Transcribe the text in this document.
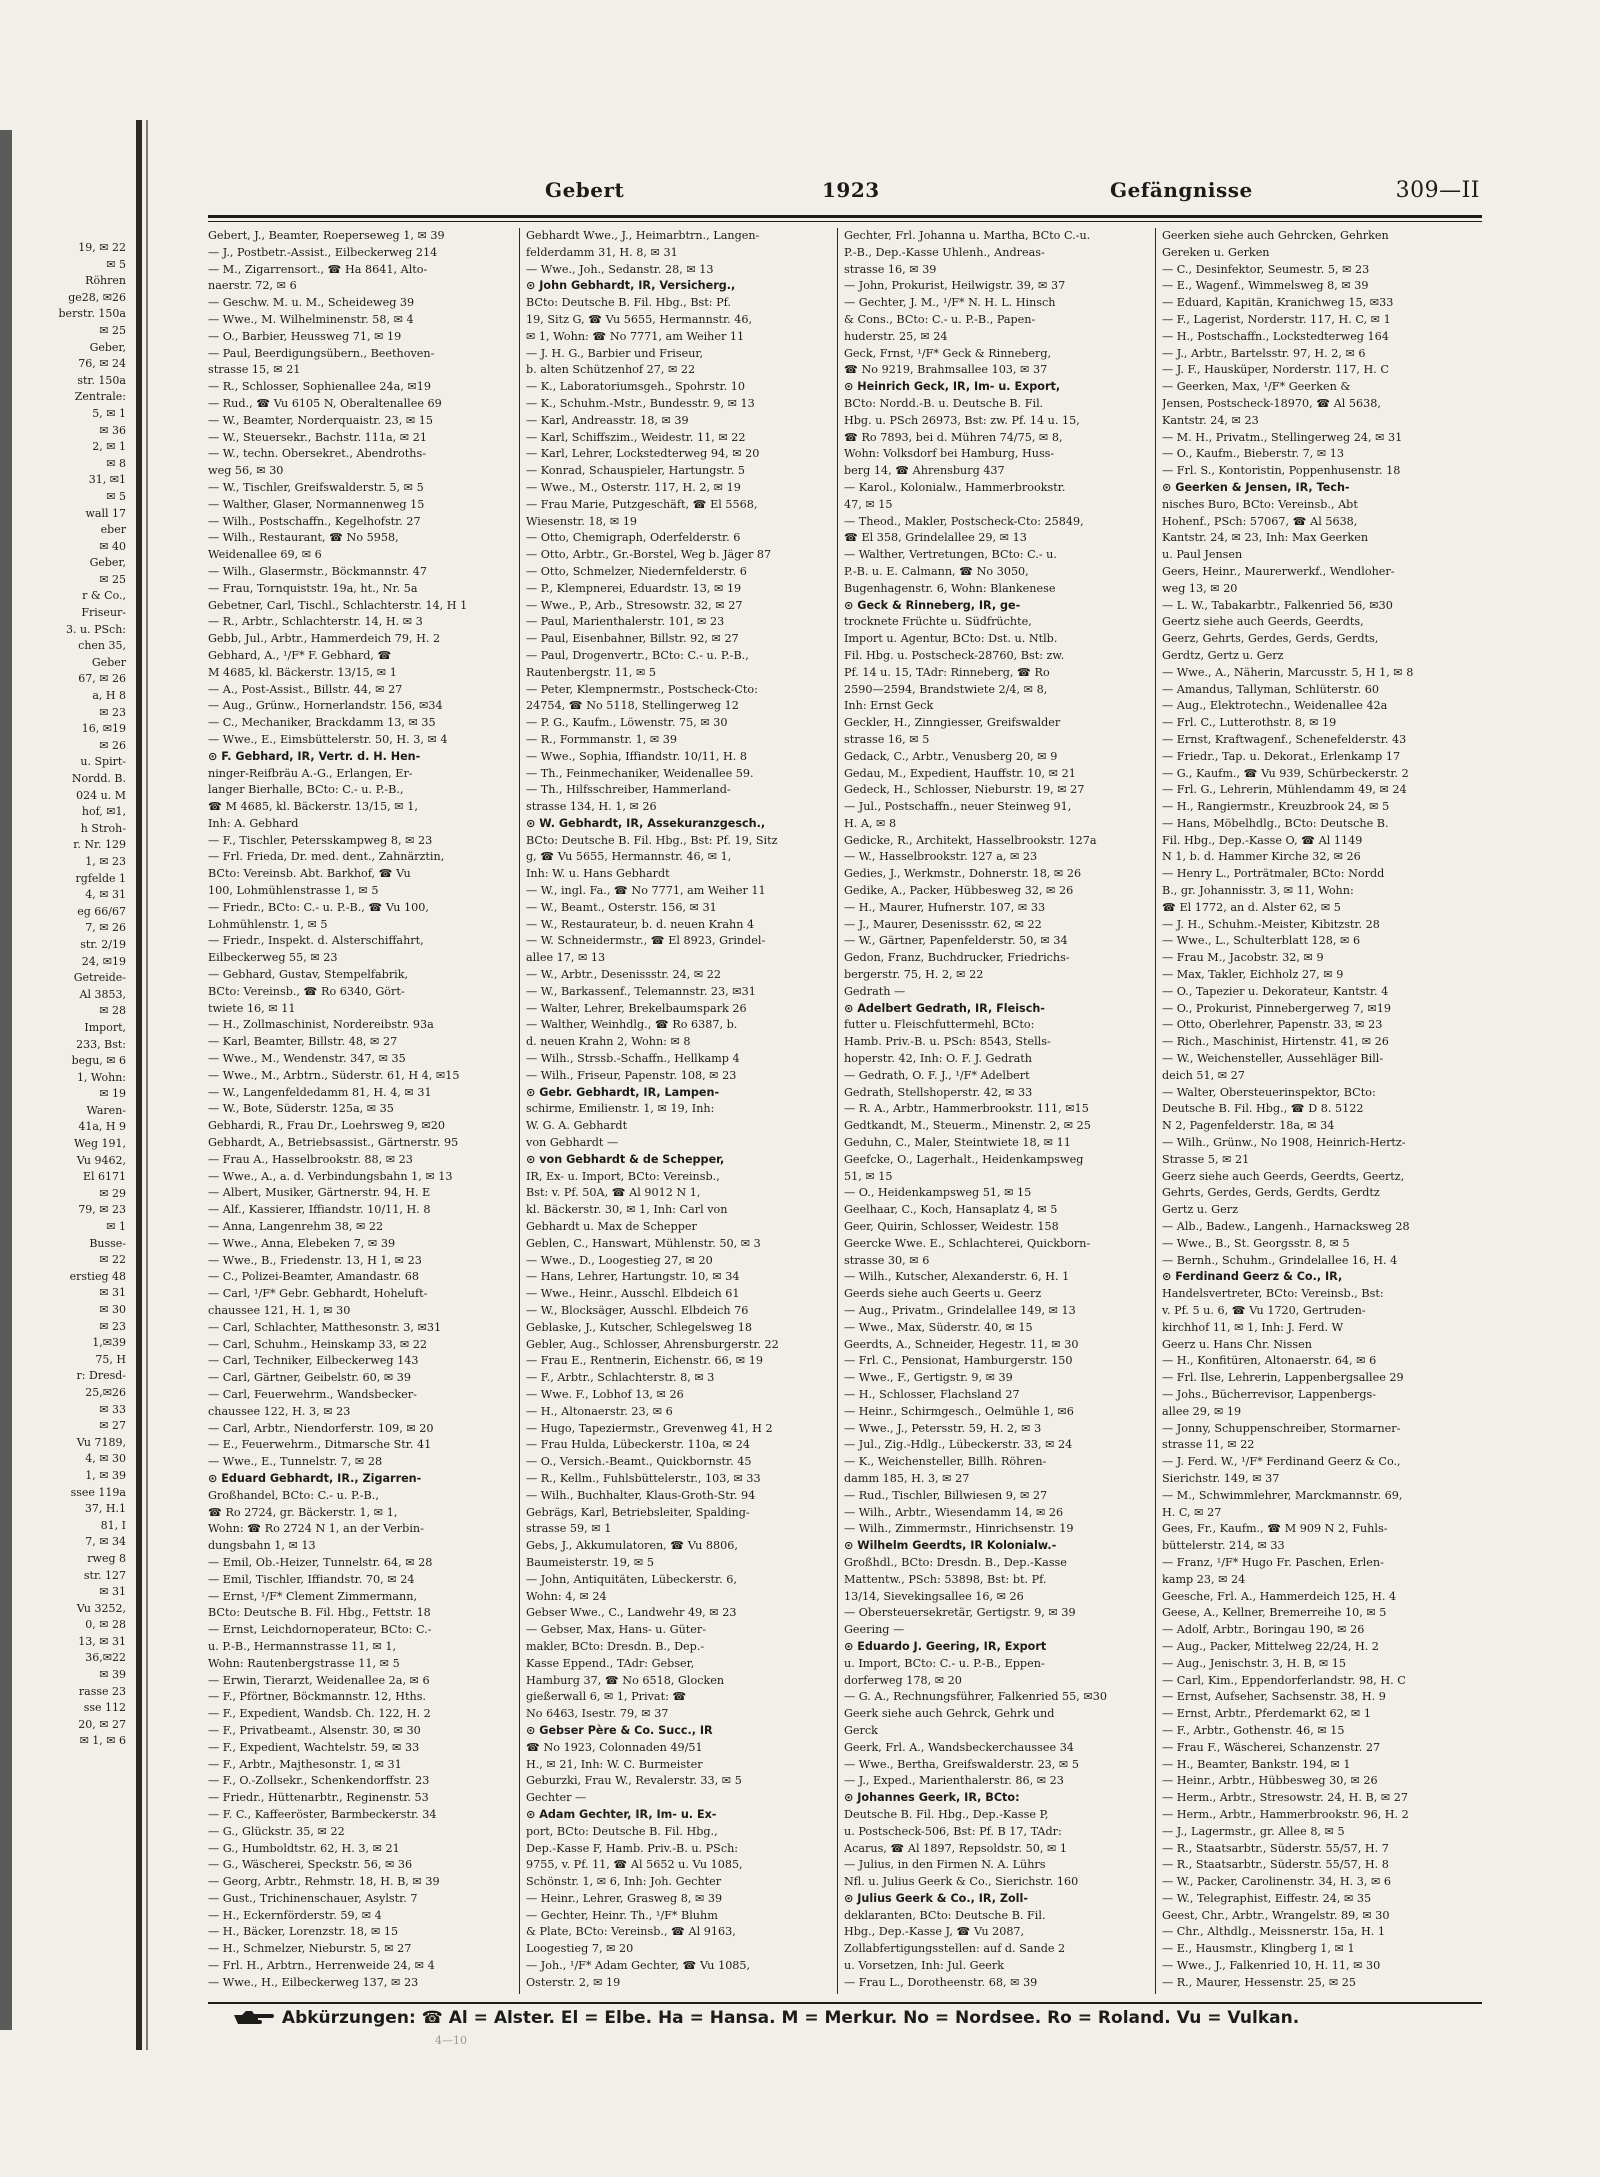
19, ✉ 22
✉ 5
Röhren
ge28, ✉26
berstr. 150a
✉ 25
Geber,
76, ✉ 24
str. 150a
Zentrale:
5, ✉ 1
✉ 36
2, ✉ 1
✉ 8
31, ✉1
✉ 5
wall 17
eber
✉ 40
Geber,
✉ 25
r & Co.,
Friseur-
3. u. PSch:
chen 35,
Geber
67, ✉ 26
a, H 8
✉ 23
16, ✉19
✉ 26
u. Spirt-
Nordd. B.
024 u. M
hof, ✉1,
h Stroh-
r. Nr. 129
1, ✉ 23
rgfelde 1
4, ✉ 31
eg 66/67
7, ✉ 26
str. 2/19
24, ✉19
Getreide-
Al 3853,
✉ 28
Import,
233, Bst:
begu, ✉ 6
1, Wohn:
✉ 19
Waren-
41a, H 9
Weg 191,
Vu 9462,
El 6171
✉ 29
79, ✉ 23
✉ 1
Busse-
✉ 22
erstieg 48
✉ 31
✉ 30
✉ 23
1,✉39
75, H
r: Dresd-
25,✉26
✉ 33
✉ 27
Vu 7189,
4, ✉ 30
1, ✉ 39
ssee 119a
37, H.1
81, I
7, ✉ 34
rweg 8
str. 127
✉ 31
Vu 3252,
0, ✉ 28
13, ✉ 31
36,✉22
✉ 39
rasse 23
sse 112
20, ✉ 27
✉ 1, ✉ 6
Gebert	1923	Gefängnisse	309—II
Gebert, J., Beamter, Roeperseweg 1, ✉ 39
— J., Postbetr.-Assist., Eilbeckerweg 214
— M., Zigarrensort., ☎ Ha 8641, Alto-
naerstr. 72, ✉ 6
— Geschw. M. u. M., Scheideweg 39
— Wwe., M. Wilhelminenstr. 58, ✉ 4
— O., Barbier, Heussweg 71, ✉ 19
— Paul, Beerdigungsübern., Beethoven-
strasse 15, ✉ 21
— R., Schlosser, Sophienallee 24a, ✉19
— Rud., ☎ Vu 6105 N, Oberaltenallee 69
— W., Beamter, Norderquaistr. 23, ✉ 15
— W., Steuersekr., Bachstr. 111a, ✉ 21
— W., techn. Obersekret., Abendroths-
weg 56, ✉ 30
— W., Tischler, Greifswalderstr. 5, ✉ 5
— Walther, Glaser, Normannenweg 15
— Wilh., Postschaffn., Kegelhofstr. 27
— Wilh., Restaurant, ☎ No 5958,
Weidenallee 69, ✉ 6
— Wilh., Glasermstr., Böckmannstr. 47
— Frau, Tornquiststr. 19a, ht., Nr. 5a
Gebetner, Carl, Tischl., Schlachterstr. 14, H 1
— R., Arbtr., Schlachterstr. 14, H. ✉ 3
Gebb, Jul., Arbtr., Hammerdeich 79, H. 2
Gebhard, A., ¹/F* F. Gebhard, ☎
M 4685, kl. Bäckerstr. 13/15, ✉ 1
— A., Post-Assist., Billstr. 44, ✉ 27
— Aug., Grünw., Hornerlandstr. 156, ✉34
— C., Mechaniker, Brackdamm 13, ✉ 35
— Wwe., E., Eimsbüttelerstr. 50, H. 3, ✉ 4
⊙ F. Gebhard, IR, Vertr. d. H. Hen-
ninger-Reifbräu A.-G., Erlangen, Er-
langer Bierhalle, BCto: C.- u. P.-B.,
☎ M 4685, kl. Bäckerstr. 13/15, ✉ 1,
Inh: A. Gebhard
— F., Tischler, Petersskampweg 8, ✉ 23
— Frl. Frieda, Dr. med. dent., Zahnärztin,
BCto: Vereinsb. Abt. Barkhof, ☎ Vu
100, Lohmühlenstrasse 1, ✉ 5
— Friedr., BCto: C.- u. P.-B., ☎ Vu 100,
Lohmühlenstr. 1, ✉ 5
— Friedr., Inspekt. d. Alsterschiffahrt,
Eilbeckerweg 55, ✉ 23
— Gebhard, Gustav, Stempelfabrik,
BCto: Vereinsb., ☎ Ro 6340, Gört-
twiete 16, ✉ 11
— H., Zollmaschinist, Nordereibstr. 93a
— Karl, Beamter, Billstr. 48, ✉ 27
— Wwe., M., Wendenstr. 347, ✉ 35
— Wwe., M., Arbtrn., Süderstr. 61, H 4, ✉15
— W., Langenfeldedamm 81, H. 4, ✉ 31
— W., Bote, Süderstr. 125a, ✉ 35
Gebhardi, R., Frau Dr., Loehrsweg 9, ✉20
Gebhardt, A., Betriebsassist., Gärtnerstr. 95
— Frau A., Hasselbrookstr. 88, ✉ 23
— Wwe., A., a. d. Verbindungsbahn 1, ✉ 13
— Albert, Musiker, Gärtnerstr. 94, H. E
— Alf., Kassierer, Iffiandstr. 10/11, H. 8
— Anna, Langenrehm 38, ✉ 22
— Wwe., Anna, Elebeken 7, ✉ 39
— Wwe., B., Friedenstr. 13, H 1, ✉ 23
— C., Polizei-Beamter, Amandastr. 68
— Carl, ¹/F* Gebr. Gebhardt, Hoheluft-
chaussee 121, H. 1, ✉ 30
— Carl, Schlachter, Matthesonstr. 3, ✉31
— Carl, Schuhm., Heinskamp 33, ✉ 22
— Carl, Techniker, Eilbeckerweg 143
— Carl, Gärtner, Geibelstr. 60, ✉ 39
— Carl, Feuerwehrm., Wandsbecker-
chaussee 122, H. 3, ✉ 23
— Carl, Arbtr., Niendorferstr. 109, ✉ 20
— E., Feuerwehrm., Ditmarsche Str. 41
— Wwe., E., Tunnelstr. 7, ✉ 28
⊙ Eduard Gebhardt, IR., Zigarren-
Großhandel, BCto: C.- u. P.-B.,
☎ Ro 2724, gr. Bäckerstr. 1, ✉ 1,
Wohn: ☎ Ro 2724 N 1, an der Verbin-
dungsbahn 1, ✉ 13
— Emil, Ob.-Heizer, Tunnelstr. 64, ✉ 28
— Emil, Tischler, Iffiandstr. 70, ✉ 24
— Ernst, ¹/F* Clement Zimmermann,
BCto: Deutsche B. Fil. Hbg., Fettstr. 18
— Ernst, Leichdornoperateur, BCto: C.-
u. P.-B., Hermannstrasse 11, ✉ 1,
Wohn: Rautenbergstrasse 11, ✉ 5
— Erwin, Tierarzt, Weidenallee 2a, ✉ 6
— F., Pförtner, Böckmannstr. 12, Hths.
— F., Expedient, Wandsb. Ch. 122, H. 2
— F., Privatbeamt., Alsenstr. 30, ✉ 30
— F., Expedient, Wachtelstr. 59, ✉ 33
— F., Arbtr., Majthesonstr. 1, ✉ 31
— F., O.-Zollsekr., Schenkendorffstr. 23
— Friedr., Hüttenarbtr., Reginenstr. 53
— F. C., Kaffeeröster, Barmbeckerstr. 34
— G., Glückstr. 35, ✉ 22
— G., Humboldtstr. 62, H. 3, ✉ 21
— G., Wäscherei, Speckstr. 56, ✉ 36
— Georg, Arbtr., Rehmstr. 18, H. B, ✉ 39
— Gust., Trichinenschauer, Asylstr. 7
— H., Eckernförderstr. 59, ✉ 4
— H., Bäcker, Lorenzstr. 18, ✉ 15
— H., Schmelzer, Nieburstr. 5, ✉ 27
— Frl. H., Arbtrn., Herrenweide 24, ✉ 4
— Wwe., H., Eilbeckerweg 137, ✉ 23
Gebhardt Wwe., J., Heimarbtrn., Langen-
felderdamm 31, H. 8, ✉ 31
— Wwe., Joh., Sedanstr. 28, ✉ 13
⊙ John Gebhardt, IR, Versicherg.,
BCto: Deutsche B. Fil. Hbg., Bst: Pf.
19, Sitz G, ☎ Vu 5655, Hermannstr. 46,
✉ 1, Wohn: ☎ No 7771, am Weiher 11
— J. H. G., Barbier und Friseur,
b. alten Schützenhof 27, ✉ 22
— K., Laboratoriumsgeh., Spohrstr. 10
— K., Schuhm.-Mstr., Bundesstr. 9, ✉ 13
— Karl, Andreasstr. 18, ✉ 39
— Karl, Schiffszim., Weidestr. 11, ✉ 22
— Karl, Lehrer, Lockstedterweg 94, ✉ 20
— Konrad, Schauspieler, Hartungstr. 5
— Wwe., M., Osterstr. 117, H. 2, ✉ 19
— Frau Marie, Putzgeschäft, ☎ El 5568,
Wiesenstr. 18, ✉ 19
— Otto, Chemigraph, Oderfelderstr. 6
— Otto, Arbtr., Gr.-Borstel, Weg b. Jäger 87
— Otto, Schmelzer, Niedernfelderstr. 6
— P., Klempnerei, Eduardstr. 13, ✉ 19
— Wwe., P., Arb., Stresowstr. 32, ✉ 27
— Paul, Marienthalerstr. 101, ✉ 23
— Paul, Eisenbahner, Billstr. 92, ✉ 27
— Paul, Drogenvertr., BCto: C.- u. P.-B.,
Rautenbergstr. 11, ✉ 5
— Peter, Klempnermstr., Postscheck-Cto:
24754, ☎ No 5118, Stellingerweg 12
— P. G., Kaufm., Löwenstr. 75, ✉ 30
— R., Formmanstr. 1, ✉ 39
— Wwe., Sophia, Iffiandstr. 10/11, H. 8
— Th., Feinmechaniker, Weidenallee 59.
— Th., Hilfsschreiber, Hammerland-
strasse 134, H. 1, ✉ 26
⊙ W. Gebhardt, IR, Assekuranzgesch.,
BCto: Deutsche B. Fil. Hbg., Bst: Pf. 19, Sitz
g, ☎ Vu 5655, Hermannstr. 46, ✉ 1,
Inh: W. u. Hans Gebhardt
— W., ingl. Fa., ☎ No 7771, am Weiher 11
— W., Beamt., Osterstr. 156, ✉ 31
— W., Restaurateur, b. d. neuen Krahn 4
— W. Schneidermstr., ☎ El 8923, Grindel-
allee 17, ✉ 13
— W., Arbtr., Desenissstr. 24, ✉ 22
— W., Barkassenf., Telemannstr. 23, ✉31
— Walter, Lehrer, Brekelbaumspark 26
— Walther, Weinhdlg., ☎ Ro 6387, b.
d. neuen Krahn 2, Wohn: ✉ 8
— Wilh., Strssb.-Schaffn., Hellkamp 4
— Wilh., Friseur, Papenstr. 108, ✉ 23
⊙ Gebr. Gebhardt, IR, Lampen-
schirme, Emilienstr. 1, ✉ 19, Inh:
W. G. A. Gebhardt
von Gebhardt —
⊙ von Gebhardt & de Schepper,
IR, Ex- u. Import, BCto: Vereinsb.,
Bst: v. Pf. 50A, ☎ Al 9012 N 1,
kl. Bäckerstr. 30, ✉ 1, Inh: Carl von
Gebhardt u. Max de Schepper
Geblen, C., Hanswart, Mühlenstr. 50, ✉ 3
— Wwe., D., Loogestieg 27, ✉ 20
— Hans, Lehrer, Hartungstr. 10, ✉ 34
— Wwe., Heinr., Ausschl. Elbdeich 61
— W., Blocksäger, Ausschl. Elbdeich 76
Geblaske, J., Kutscher, Schlegelsweg 18
Gebler, Aug., Schlosser, Ahrensburgerstr. 22
— Frau E., Rentnerin, Eichenstr. 66, ✉ 19
— F., Arbtr., Schlachterstr. 8, ✉ 3
— Wwe. F., Lobhof 13, ✉ 26
— H., Altonaerstr. 23, ✉ 6
— Hugo, Tapeziermstr., Grevenweg 41, H 2
— Frau Hulda, Lübeckerstr. 110a, ✉ 24
— O., Versich.-Beamt., Quickbornstr. 45
— R., Kellm., Fuhlsbüttelerstr., 103, ✉ 33
— Wilh., Buchhalter, Klaus-Groth-Str. 94
Gebrägs, Karl, Betriebsleiter, Spalding-
strasse 59, ✉ 1
Gebs, J., Akkumulatoren, ☎ Vu 8806,
Baumeisterstr. 19, ✉ 5
— John, Antiquitäten, Lübeckerstr. 6,
Wohn: 4, ✉ 24
Gebser Wwe., C., Landwehr 49, ✉ 23
— Gebser, Max, Hans- u. Güter-
makler, BCto: Dresdn. B., Dep.-
Kasse Eppend., TAdr: Gebser,
Hamburg 37, ☎ No 6518, Glocken
gießerwall 6, ✉ 1, Privat: ☎
No 6463, Isestr. 79, ✉ 37
⊙ Gebser Père & Co. Succ., IR
☎ No 1923, Colonnaden 49/51
H., ✉ 21, Inh: W. C. Burmeister
Geburzki, Frau W., Revalerstr. 33, ✉ 5
Gechter —
⊙ Adam Gechter, IR, Im- u. Ex-
port, BCto: Deutsche B. Fil. Hbg.,
Dep.-Kasse F, Hamb. Priv.-B. u. PSch:
9755, v. Pf. 11, ☎ Al 5652 u. Vu 1085,
Schönstr. 1, ✉ 6, Inh: Joh. Gechter
— Heinr., Lehrer, Grasweg 8, ✉ 39
— Gechter, Heinr. Th., ¹/F* Bluhm
& Plate, BCto: Vereinsb., ☎ Al 9163,
Loogestieg 7, ✉ 20
— Joh., ¹/F* Adam Gechter, ☎ Vu 1085,
Osterstr. 2, ✉ 19
Gechter, Frl. Johanna u. Martha, BCto C.-u.
P.-B., Dep.-Kasse Uhlenh., Andreas-
strasse 16, ✉ 39
— John, Prokurist, Heilwigstr. 39, ✉ 37
— Gechter, J. M., ¹/F* N. H. L. Hinsch
& Cons., BCto: C.- u. P.-B., Papen-
huderstr. 25, ✉ 24
Geck, Frnst, ¹/F* Geck & Rinneberg,
☎ No 9219, Brahmsallee 103, ✉ 37
⊙ Heinrich Geck, IR, Im- u. Export,
BCto: Nordd.-B. u. Deutsche B. Fil.
Hbg. u. PSch 26973, Bst: zw. Pf. 14 u. 15,
☎ Ro 7893, bei d. Mühren 74/75, ✉ 8,
Wohn: Volksdorf bei Hamburg, Huss-
berg 14, ☎ Ahrensburg 437
— Karol., Kolonialw., Hammerbrookstr.
47, ✉ 15
— Theod., Makler, Postscheck-Cto: 25849,
☎ El 358, Grindelallee 29, ✉ 13
— Walther, Vertretungen, BCto: C.- u.
P.-B. u. E. Calmann, ☎ No 3050,
Bugenhagenstr. 6, Wohn: Blankenese
⊙ Geck & Rinneberg, IR, ge-
trocknete Früchte u. Südfrüchte,
Import u. Agentur, BCto: Dst. u. Ntlb.
Fil. Hbg. u. Postscheck-28760, Bst: zw.
Pf. 14 u. 15, TAdr: Rinneberg, ☎ Ro
2590—2594, Brandstwiete 2/4, ✉ 8,
Inh: Ernst Geck
Geckler, H., Zinngiesser, Greifswalder
strasse 16, ✉ 5
Gedack, C., Arbtr., Venusberg 20, ✉ 9
Gedau, M., Expedient, Hauffstr. 10, ✉ 21
Gedeck, H., Schlosser, Nieburstr. 19, ✉ 27
— Jul., Postschaffn., neuer Steinweg 91,
H. A, ✉ 8
Gedicke, R., Architekt, Hasselbrookstr. 127a
— W., Hasselbrookstr. 127 a, ✉ 23
Gedies, J., Werkmstr., Dohnerstr. 18, ✉ 26
Gedike, A., Packer, Hübbesweg 32, ✉ 26
— H., Maurer, Hufnerstr. 107, ✉ 33
— J., Maurer, Desenissstr. 62, ✉ 22
— W., Gärtner, Papenfelderstr. 50, ✉ 34
Gedon, Franz, Buchdrucker, Friedrichs-
bergerstr. 75, H. 2, ✉ 22
Gedrath —
⊙ Adelbert Gedrath, IR, Fleisch-
futter u. Fleischfuttermehl, BCto:
Hamb. Priv.-B. u. PSch: 8543, Stells-
hoperstr. 42, Inh: O. F. J. Gedrath
— Gedrath, O. F. J., ¹/F* Adelbert
Gedrath, Stellshoperstr. 42, ✉ 33
— R. A., Arbtr., Hammerbrookstr. 111, ✉15
Gedtkandt, M., Steuerm., Minenstr. 2, ✉ 25
Geduhn, C., Maler, Steintwiete 18, ✉ 11
Geefcke, O., Lagerhalt., Heidenkampsweg
51, ✉ 15
— O., Heidenkampsweg 51, ✉ 15
Geelhaar, C., Koch, Hansaplatz 4, ✉ 5
Geer, Quirin, Schlosser, Weidestr. 158
Geercke Wwe. E., Schlachterei, Quickborn-
strasse 30, ✉ 6
— Wilh., Kutscher, Alexanderstr. 6, H. 1
Geerds siehe auch Geerts u. Geerz
— Aug., Privatm., Grindelallee 149, ✉ 13
— Wwe., Max, Süderstr. 40, ✉ 15
Geerdts, A., Schneider, Hegestr. 11, ✉ 30
— Frl. C., Pensionat, Hamburgerstr. 150
— Wwe., F., Gertigstr. 9, ✉ 39
— H., Schlosser, Flachsland 27
— Heinr., Schirmgesch., Oelmühle 1, ✉6
— Wwe., J., Petersstr. 59, H. 2, ✉ 3
— Jul., Zig.-Hdlg., Lübeckerstr. 33, ✉ 24
— K., Weichensteller, Billh. Röhren-
damm 185, H. 3, ✉ 27
— Rud., Tischler, Billwiesen 9, ✉ 27
— Wilh., Arbtr., Wiesendamm 14, ✉ 26
— Wilh., Zimmermstr., Hinrichsenstr. 19
⊙ Wilhelm Geerdts, IR Kolonialw.-
Großhdl., BCto: Dresdn. B., Dep.-Kasse
Mattentw., PSch: 53898, Bst: bt. Pf.
13/14, Sievekingsallee 16, ✉ 26
— Obersteuersekretär, Gertigstr. 9, ✉ 39
Geering —
⊙ Eduardo J. Geering, IR, Export
u. Import, BCto: C.- u. P.-B., Eppen-
dorferweg 178, ✉ 20
— G. A., Rechnungsführer, Falkenried 55, ✉30
Geerk siehe auch Gehrck, Gehrk und
Gerck
Geerk, Frl. A., Wandsbeckerchaussee 34
— Wwe., Bertha, Greifswalderstr. 23, ✉ 5
— J., Exped., Marienthalerstr. 86, ✉ 23
⊙ Johannes Geerk, IR, BCto:
Deutsche B. Fil. Hbg., Dep.-Kasse P,
u. Postscheck-506, Bst: Pf. B 17, TAdr:
Acarus, ☎ Al 1897, Repsoldstr. 50, ✉ 1
— Julius, in den Firmen N. A. Lührs
Nfl. u. Julius Geerk & Co., Sierichstr. 160
⊙ Julius Geerk & Co., IR, Zoll-
deklaranten, BCto: Deutsche B. Fil.
Hbg., Dep.-Kasse J, ☎ Vu 2087,
Zollabfertigungsstellen: auf d. Sande 2
u. Vorsetzen, Inh: Jul. Geerk
— Frau L., Dorotheenstr. 68, ✉ 39
Geerken siehe auch Gehrcken, Gehrken
Gereken u. Gerken
— C., Desinfektor, Seumestr. 5, ✉ 23
— E., Wagenf., Wimmelsweg 8, ✉ 39
— Eduard, Kapitän, Kranichweg 15, ✉33
— F., Lagerist, Norderstr. 117, H. C, ✉ 1
— H., Postschaffn., Lockstedterweg 164
— J., Arbtr., Bartelsstr. 97, H. 2, ✉ 6
— J. F., Hausküper, Norderstr. 117, H. C
— Geerken, Max, ¹/F* Geerken &
Jensen, Postscheck-18970, ☎ Al 5638,
Kantstr. 24, ✉ 23
— M. H., Privatm., Stellingerweg 24, ✉ 31
— O., Kaufm., Bieberstr. 7, ✉ 13
— Frl. S., Kontoristin, Poppenhusenstr. 18
⊙ Geerken & Jensen, IR, Tech-
nisches Buro, BCto: Vereinsb., Abt
Hohenf., PSch: 57067, ☎ Al 5638,
Kantstr. 24, ✉ 23, Inh: Max Geerken
u. Paul Jensen
Geers, Heinr., Maurerwerkf., Wendloher-
weg 13, ✉ 20
— L. W., Tabakarbtr., Falkenried 56, ✉30
Geertz siehe auch Geerds, Geerdts,
Geerz, Gehrts, Gerdes, Gerds, Gerdts,
Gerdtz, Gertz u. Gerz
— Wwe., A., Näherin, Marcusstr. 5, H 1, ✉ 8
— Amandus, Tallyman, Schlüterstr. 60
— Aug., Elektrotechn., Weidenallee 42a
— Frl. C., Lutterothstr. 8, ✉ 19
— Ernst, Kraftwagenf., Schenefelderstr. 43
— Friedr., Tap. u. Dekorat., Erlenkamp 17
— G., Kaufm., ☎ Vu 939, Schürbeckerstr. 2
— Frl. G., Lehrerin, Mühlendamm 49, ✉ 24
— H., Rangiermstr., Kreuzbrook 24, ✉ 5
— Hans, Möbelhdlg., BCto: Deutsche B.
Fil. Hbg., Dep.-Kasse O, ☎ Al 1149
N 1, b. d. Hammer Kirche 32, ✉ 26
— Henry L., Porträtmaler, BCto: Nordd
B., gr. Johannisstr. 3, ✉ 11, Wohn:
☎ El 1772, an d. Alster 62, ✉ 5
— J. H., Schuhm.-Meister, Kibitzstr. 28
— Wwe., L., Schulterblatt 128, ✉ 6
— Frau M., Jacobstr. 32, ✉ 9
— Max, Takler, Eichholz 27, ✉ 9
— O., Tapezier u. Dekorateur, Kantstr. 4
— O., Prokurist, Pinnebergerweg 7, ✉19
— Otto, Oberlehrer, Papenstr. 33, ✉ 23
— Rich., Maschinist, Hirtenstr. 41, ✉ 26
— W., Weichensteller, Aussehläger Bill-
deich 51, ✉ 27
— Walter, Obersteuerinspektor, BCto:
Deutsche B. Fil. Hbg., ☎ D 8. 5122
N 2, Pagenfelderstr. 18a, ✉ 34
— Wilh., Grünw., No 1908, Heinrich-Hertz-
Strasse 5, ✉ 21
Geerz siehe auch Geerds, Geerdts, Geertz,
Gehrts, Gerdes, Gerds, Gerdts, Gerdtz
Gertz u. Gerz
— Alb., Badew., Langenh., Harnacksweg 28
— Wwe., B., St. Georgsstr. 8, ✉ 5
— Bernh., Schuhm., Grindelallee 16, H. 4
⊙ Ferdinand Geerz & Co., IR,
Handelsvertreter, BCto: Vereinsb., Bst:
v. Pf. 5 u. 6, ☎ Vu 1720, Gertruden-
kirchhof 11, ✉ 1, Inh: J. Ferd. W
Geerz u. Hans Chr. Nissen
— H., Konfitüren, Altonaerstr. 64, ✉ 6
— Frl. Ilse, Lehrerin, Lappenbergsallee 29
— Johs., Bücherrevisor, Lappenbergs-
allee 29, ✉ 19
— Jonny, Schuppenschreiber, Stormarner-
strasse 11, ✉ 22
— J. Ferd. W., ¹/F* Ferdinand Geerz & Co.,
Sierichstr. 149, ✉ 37
— M., Schwimmlehrer, Marckmannstr. 69,
H. C, ✉ 27
Gees, Fr., Kaufm., ☎ M 909 N 2, Fuhls-
büttelerstr. 214, ✉ 33
— Franz, ¹/F* Hugo Fr. Paschen, Erlen-
kamp 23, ✉ 24
Geesche, Frl. A., Hammerdeich 125, H. 4
Geese, A., Kellner, Bremerreihe 10, ✉ 5
— Adolf, Arbtr., Boringau 190, ✉ 26
— Aug., Packer, Mittelweg 22/24, H. 2
— Aug., Jenischstr. 3, H. B, ✉ 15
— Carl, Kim., Eppendorferlandstr. 98, H. C
— Ernst, Aufseher, Sachsenstr. 38, H. 9
— Ernst, Arbtr., Pferdemarkt 62, ✉ 1
— F., Arbtr., Gothenstr. 46, ✉ 15
— Frau F., Wäscherei, Schanzenstr. 27
— H., Beamter, Bankstr. 194, ✉ 1
— Heinr., Arbtr., Hübbesweg 30, ✉ 26
— Herm., Arbtr., Stresowstr. 24, H. B, ✉ 27
— Herm., Arbtr., Hammerbrookstr. 96, H. 2
— J., Lagermstr., gr. Allee 8, ✉ 5
— R., Staatsarbtr., Süderstr. 55/57, H. 7
— R., Staatsarbtr., Süderstr. 55/57, H. 8
— W., Packer, Carolinenstr. 34, H. 3, ✉ 6
— W., Telegraphist, Eiffestr. 24, ✉ 35
Geest, Chr., Arbtr., Wrangelstr. 89, ✉ 30
— Chr., Althdlg., Meissnerstr. 15a, H. 1
— E., Hausmstr., Klingberg 1, ✉ 1
— Wwe., J., Falkenried 10, H. 11, ✉ 30
— R., Maurer, Hessenstr. 25, ✉ 25
Abkürzungen: ☎ Al = Alster. El = Elbe. Ha = Hansa. M = Merkur. No = Nordsee. Ro = Roland. Vu = Vulkan.
4—10
